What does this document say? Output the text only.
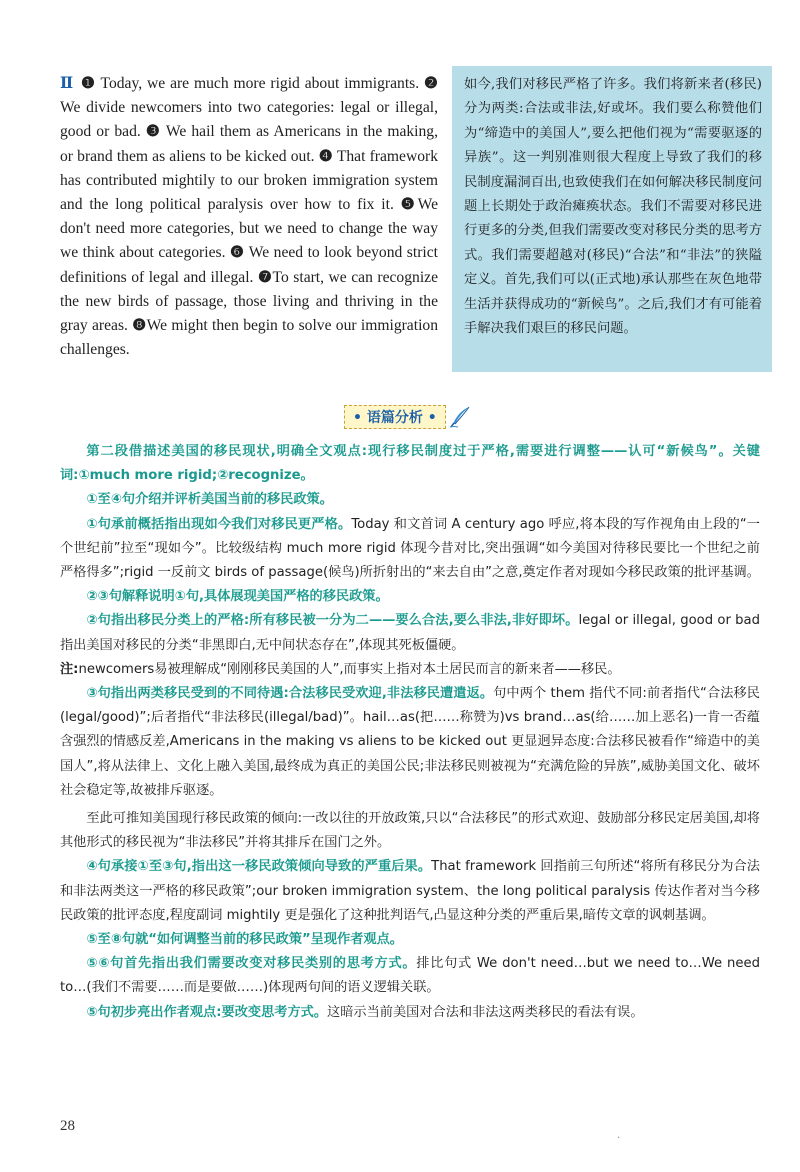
Ⅱ ❶ Today, we are much more rigid about immigrants. ❷ We divide newcomers into two categories: legal or illegal, good or bad. ❸ We hail them as Americans in the making, or brand them as aliens to be kicked out. ❹ That framework has contributed mightily to our broken immigration system and the long political paralysis over how to fix it. ❺We don't need more categories, but we need to change the way we think about categories. ❻ We need to look beyond strict definitions of legal and illegal. ❼To start, we can recognize the new birds of passage, those living and thriving in the gray areas. ❽We might then begin to solve our immigration challenges.
如今,我们对移民严格了许多。我们将新来者(移民)分为两类:合法或非法,好或坏。我们要么称赞他们为“缔造中的美国人”,要么把他们视为“需要驱逐的异族”。这一判别准则很大程度上导致了我们的移民制度漏洞百出,也致使我们在如何解决移民制度问题上长期处于政治瘫痪状态。我们不需要对移民进行更多的分类,但我们需要改变对移民分类的思考方式。我们需要超越对(移民)“合法”和“非法”的狭隘定义。首先,我们可以(正式地)承认那些在灰色地带生活并获得成功的“新候鸟”。之后,我们才有可能着手解决我们艰巨的移民问题。
• 语篇分析 •

第二段借描述美国的移民现状,明确全文观点:现行移民制度过于严格,需要进行调整——认可“新候鸟”。关键词:①much more rigid;②recognize。

①至④句介绍并评析美国当前的移民政策。

①句承前概括指出现如今我们对移民更严格。Today 和文首词 A century ago 呼应,将本段的写作视角由上段的“一个世纪前”拉至“现如今”。比较级结构 much more rigid 体现今昔对比,突出强调“如今美国对待移民要比一个世纪之前严格得多”;rigid 一反前文 birds of passage(候鸟)所折射出的“来去自由”之意,奠定作者对现如今移民政策的批评基调。

②③句解释说明①句,具体展现美国严格的移民政策。

②句指出移民分类上的严格:所有移民被一分为二——要么合法,要么非法,非好即坏。legal or illegal, good or bad 指出美国对移民的分类“非黑即白,无中间状态存在”,体现其死板僵硬。
注:newcomers易被理解成“刚刚移民美国的人”,而事实上指对本土居民而言的新来者——移民。

③句指出两类移民受到的不同待遇:合法移民受欢迎,非法移民遭遣返。句中两个 them 指代不同:前者指代“合法移民(legal/good)”;后者指代“非法移民(illegal/bad)”。hail…as(把……称赞为)vs brand…as(给……加上恶名)一肯一否蕴含强烈的情感反差,Americans in the making vs aliens to be kicked out 更显迥异态度:合法移民被看作“缔造中的美国人”,将从法律上、文化上融入美国,最终成为真正的美国公民;非法移民则被视为“充满危险的异族”,威胁美国文化、破坏社会稳定等,故被排斥驱逐。

至此可推知美国现行移民政策的倾向:一改以往的开放政策,只以“合法移民”的形式欢迎、鼓励部分移民定居美国,却将其他形式的移民视为“非法移民”并将其排斥在国门之外。

④句承接①至③句,指出这一移民政策倾向导致的严重后果。That framework 回指前三句所述“将所有移民分为合法和非法两类这一严格的移民政策”;our broken immigration system、the long political paralysis 传达作者对当今移民政策的批评态度,程度副词 mightily 更是强化了这种批判语气,凸显这种分类的严重后果,暗传文章的讽刺基调。

⑤至⑧句就“如何调整当前的移民政策”呈现作者观点。

⑤⑥句首先指出我们需要改变对移民类别的思考方式。排比句式 We don't need…but we need to…We need to…(我们不需要……而是要做……)体现两句间的语义逻辑关联。

⑤句初步亮出作者观点:要改变思考方式。这暗示当前美国对合法和非法这两类移民的看法有误。

28
.
